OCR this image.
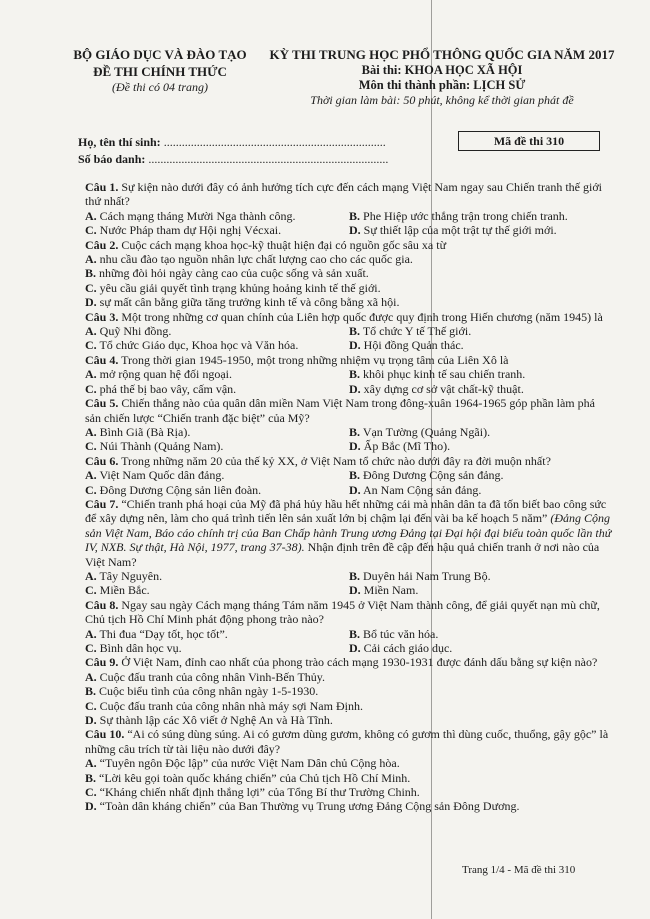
BỘ GIÁO DỤC VÀ ĐÀO TẠO
ĐỀ THI CHÍNH THỨC
(Đề thi có 04 trang)
KỲ THI TRUNG HỌC PHỔ THÔNG QUỐC GIA NĂM 2017
Bài thi: KHOA HỌC XÃ HỘI
Môn thi thành phần: LỊCH SỬ
Thời gian làm bài: 50 phút, không kể thời gian phát đề
Họ, tên thí sinh: ..........................................................................
Số báo danh: ................................................................................
Mã đề thi 310
Câu 1. Sự kiện nào dưới đây có ảnh hưởng tích cực đến cách mạng Việt Nam ngay sau Chiến tranh thế giới thứ nhất?
A. Cách mạng tháng Mười Nga thành công.	B. Phe Hiệp ước thắng trận trong chiến tranh.
C. Nước Pháp tham dự Hội nghị Vécxai.	D. Sự thiết lập của một trật tự thế giới mới.
Câu 2. Cuộc cách mạng khoa học-kỹ thuật hiện đại có nguồn gốc sâu xa từ
A. nhu cầu đào tạo nguồn nhân lực chất lượng cao cho các quốc gia.
B. những đòi hỏi ngày càng cao của cuộc sống và sản xuất.
C. yêu cầu giải quyết tình trạng khủng hoảng kinh tế thế giới.
D. sự mất cân bằng giữa tăng trưởng kinh tế và công bằng xã hội.
Câu 3. Một trong những cơ quan chính của Liên hợp quốc được quy định trong Hiến chương (năm 1945) là
A. Quỹ Nhi đồng.	B. Tổ chức Y tế Thế giới.
C. Tổ chức Giáo dục, Khoa học và Văn hóa.	D. Hội đồng Quản thác.
Câu 4. Trong thời gian 1945-1950, một trong những nhiệm vụ trọng tâm của Liên Xô là
A. mở rộng quan hệ đối ngoại.	B. khôi phục kinh tế sau chiến tranh.
C. phá thế bị bao vây, cấm vận.	D. xây dựng cơ sở vật chất-kỹ thuật.
Câu 5. Chiến thắng nào của quân dân miền Nam Việt Nam trong đông-xuân 1964-1965 góp phần làm phá sản chiến lược “Chiến tranh đặc biệt” của Mỹ?
A. Bình Giã (Bà Rịa).	B. Vạn Tường (Quảng Ngãi).
C. Núi Thành (Quảng Nam).	D. Ấp Bắc (Mĩ Tho).
Câu 6. Trong những năm 20 của thế kỷ XX, ở Việt Nam tổ chức nào dưới đây ra đời muộn nhất?
A. Việt Nam Quốc dân đảng.	B. Đông Dương Cộng sản đảng.
C. Đông Dương Cộng sản liên đoàn.	D. An Nam Cộng sản đảng.
Câu 7. “Chiến tranh phá hoại của Mỹ đã phá hủy hầu hết những cái mà nhân dân ta đã tốn biết bao công sức để xây dựng nên, làm cho quá trình tiến lên sản xuất lớn bị chậm lại đến vài ba kế hoạch 5 năm” (Đảng Cộng sản Việt Nam, Báo cáo chính trị của Ban Chấp hành Trung ương Đảng tại Đại hội đại biểu toàn quốc lần thứ IV, NXB. Sự thật, Hà Nội, 1977, trang 37-38). Nhận định trên đề cập đến hậu quả chiến tranh ở nơi nào của Việt Nam?
A. Tây Nguyên.	B. Duyên hải Nam Trung Bộ.
C. Miền Bắc.	D. Miền Nam.
Câu 8. Ngay sau ngày Cách mạng tháng Tám năm 1945 ở Việt Nam thành công, để giải quyết nạn mù chữ, Chủ tịch Hồ Chí Minh phát động phong trào nào?
A. Thi đua “Dạy tốt, học tốt”.	B. Bổ túc văn hóa.
C. Bình dân học vụ.	D. Cải cách giáo dục.
Câu 9. Ở Việt Nam, đỉnh cao nhất của phong trào cách mạng 1930-1931 được đánh dấu bằng sự kiện nào?
A. Cuộc đấu tranh của công nhân Vinh-Bến Thủy.
B. Cuộc biểu tình của công nhân ngày 1-5-1930.
C. Cuộc đấu tranh của công nhân nhà máy sợi Nam Định.
D. Sự thành lập các Xô viết ở Nghệ An và Hà Tĩnh.
Câu 10. “Ai có súng dùng súng. Ai có gươm dùng gươm, không có gươm thì dùng cuốc, thuổng, gậy gộc” là những câu trích từ tài liệu nào dưới đây?
A. “Tuyên ngôn Độc lập” của nước Việt Nam Dân chủ Cộng hòa.
B. “Lời kêu gọi toàn quốc kháng chiến” của Chủ tịch Hồ Chí Minh.
C. “Kháng chiến nhất định thắng lợi” của Tổng Bí thư Trường Chinh.
D. “Toàn dân kháng chiến” của Ban Thường vụ Trung ương Đảng Cộng sản Đông Dương.
Trang 1/4 - Mã đề thi 310
